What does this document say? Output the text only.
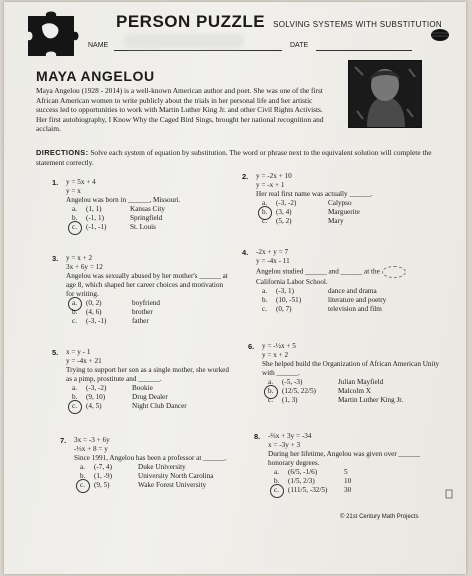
PERSON PUZZLE SOLVING SYSTEMS WITH SUBSTITUTION
NAME	DATE
MAYA ANGELOU
Maya Angelou (1928 - 2014) is a well-known American author and poet. She was one of the first African American women to write publicly about the trials in her personal life and her artistic success led to opportunities to work with Martin Luther King Jr. and other Civil Rights Activists. Her first autobiography, I Know Why the Caged Bird Sings, brought her national recognition and acclaim.
DIRECTIONS: Solve each system of equation by substitution. The word or phrase next to the equivalent solution will complete the statement correctly.
1. y = 5x + 4
y = x
Angelou was born in ______, Missouri.
a. (1, 1)	Kansas City
b. (-1, 1)	Springfield
c. (-1, -1)	St. Louis
2. y = -2x + 10
y = -x + 1
Her real first name was actually ______.
a. (-3, -2)	Calypso
b. (3, 4)	Marguerite
c. (5, 2)	Mary
3. y = x + 2
3x + 6y = 12
Angelou was sexually abused by her mother's ______ at age 8, which shaped her career choices and motivation for writing.
a. (0, 2)	boyfriend
b. (4, 6)	brother
c. (-3, -1)	father
4. -2x + y = 7
y = -4x - 11
Angelou studied ______ and ______ at the
California Labor School.
a. (-3, 1)	dance and drama
b. (10, -51)	literature and poetry
c. (0, 7)	television and film
5. x = y - 1
y = -4x + 21
Trying to support her son as a single mother, she worked as a pimp, prostitute and ______.
a. (-3, -2)	Bookie
b. (9, 10)	Drug Dealer
c. (4, 5)	Night Club Dancer
6. y = -½x + 5
y = x + 2
She helped build the Organization of African American Unity with ______.
a. (-5, -3)	Julian Mayfield
b. (12/5, 22/5)	Malcolm X
c. (1, 3)	Martin Luther King Jr.
7. 3x = -3 + 6y
-⅓x + 8 = y
Since 1991, Angelou has been a professor at ______.
a. (-7, 4)	Duke University
b. (1, -9)	University North Carolina
c. (9, 5)	Wake Forest University
8. -⅔x + 3y = -34
x = -3y + 3
During her lifetime, Angelou was given over ______ honorary degrees.
a. (6/5, -1/6)	5
b. (1/5, 2/3)	10
c. (111/5, -32/5) 30
© 21st Century Math Projects
